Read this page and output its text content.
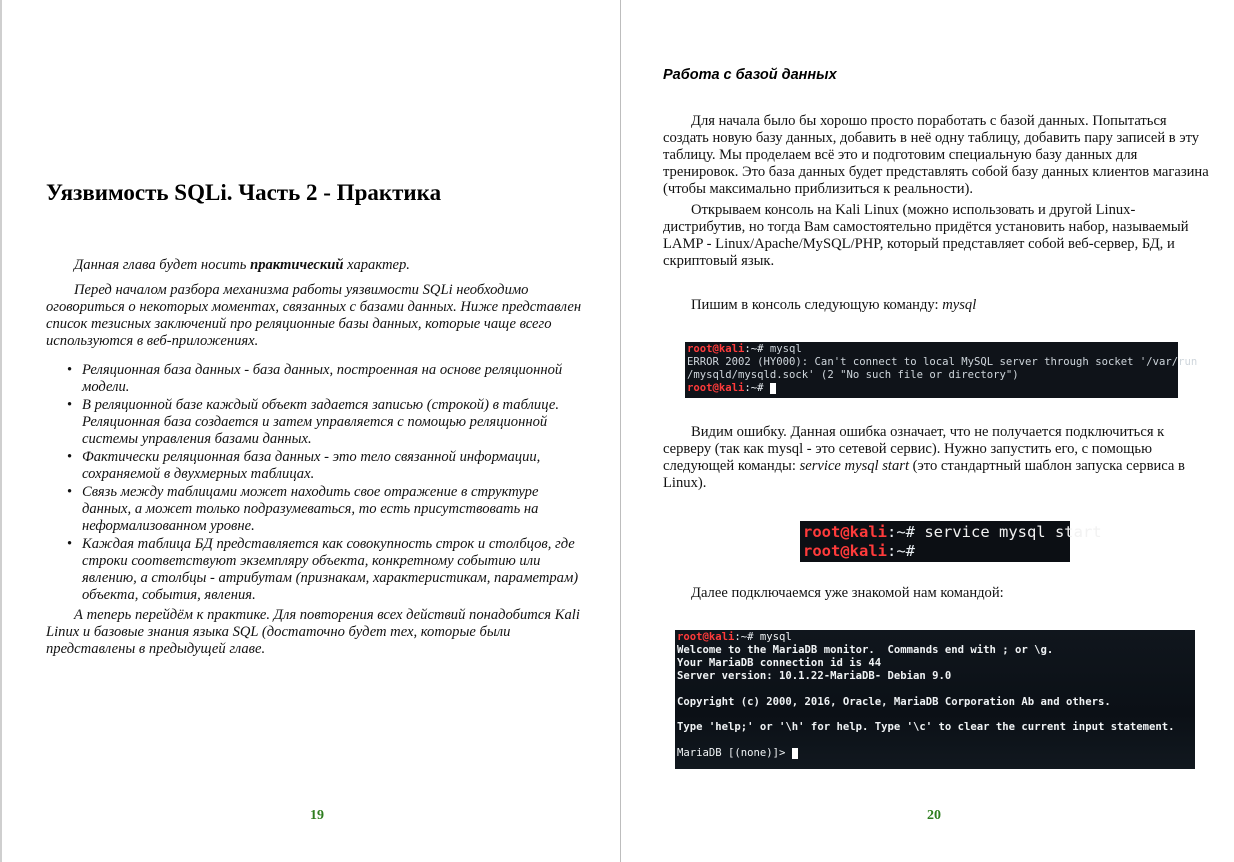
Уязвимость SQLi. Часть 2 - Практика

Данная глава будет носить практический характер.

Перед началом разбора механизма работы уязвимости SQLi необходимо оговориться о некоторых моментах, связанных с базами данных. Ниже представлен список тезисных заключений про реляционные базы данных, которые чаще всего используются в веб-приложениях.

• Реляционная база данных - база данных, построенная на основе реляционной модели.
• В реляционной базе каждый объект задается записью (строкой) в таблице. Реляционная база создается и затем управляется с помощью реляционной системы управления базами данных.
• Фактически реляционная база данных - это тело связанной информации, сохраняемой в двухмерных таблицах.
• Связь между таблицами может находить свое отражение в структуре данных, а может только подразумеваться, то есть присутствовать на неформализованном уровне.
• Каждая таблица БД представляется как совокупность строк и столбцов, где строки соответствуют экземпляру объекта, конкретному событию или явлению, а столбцы - атрибутам (признакам, характеристикам, параметрам) объекта, события, явления.

А теперь перейдём к практике. Для повторения всех действий понадобится Kali Linux и базовые знания языка SQL (достаточно будет тех, которые были представлены в предыдущей главе.

19
Работа с базой данных

Для начала было бы хорошо просто поработать с базой данных. Попытаться создать новую базу данных, добавить в неё одну таблицу, добавить пару записей в эту таблицу. Мы проделаем всё это и подготовим специальную базу данных для тренировок. Это база данных будет представлять собой базу данных клиентов магазина (чтобы максимально приблизиться к реальности).

Открываем консоль на Kali Linux (можно использовать и другой Linux-дистрибутив, но тогда Вам самостоятельно придётся установить набор, называемый LAMP - Linux/Apache/MySQL/PHP, который представляет собой веб-сервер, БД, и скриптовый язык.

Пишим в консоль следующую команду: mysql

root@kali:~# mysql
ERROR 2002 (HY000): Can't connect to local MySQL server through socket '/var/run
/mysqld/mysqld.sock' (2 "No such file or directory")
root@kali:~#

Видим ошибку. Данная ошибка означает, что не получается подключиться к серверу (так как mysql - это сетевой сервис). Нужно запустить его, с помощью следующей команды: service mysql start (это стандартный шаблон запуска сервиса в Linux).

root@kali:~# service mysql start
root@kali:~#

Далее подключаемся уже знакомой нам командой:

root@kali:~# mysql
Welcome to the MariaDB monitor.  Commands end with ; or \g.
Your MariaDB connection id is 44
Server version: 10.1.22-MariaDB- Debian 9.0

Copyright (c) 2000, 2016, Oracle, MariaDB Corporation Ab and others.

Type 'help;' or '\h' for help. Type '\c' to clear the current input statement.

MariaDB [(none)]>
20
